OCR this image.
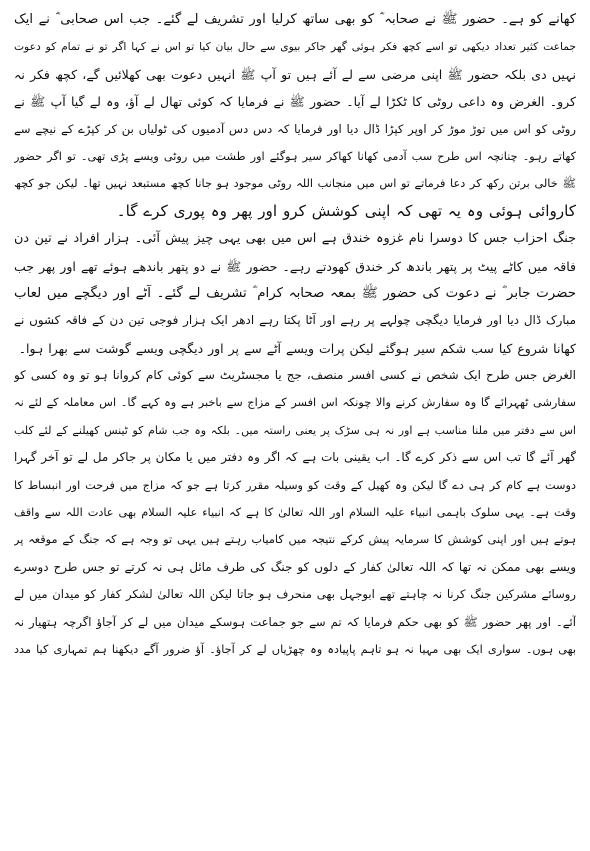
کھانے کو ہے۔ حضور ﷺ نے صحابہ ؓ کو بھی ساتھ کرلیا اور تشریف لے گئے۔ جب اس صحابی ؓ نے ایک
جماعت کثیر تعداد دیکھی تو اسے کچھ فکر ہوئی گھر جاکر بیوی سے حال بیان کیا تو اس نے کہا اگر تو نے تمام کو دعوت
نہیں دی بلکہ حضور ﷺ اپنی مرضی سے لے آئے ہیں تو آپ ﷺ انہیں دعوت بھی کھلائیں گے، کچھ فکر نہ
کرو۔ الغرض وہ داعی روٹی کا ٹکڑا لے آیا۔ حضور ﷺ نے فرمایا کہ کوئی تھال لے آؤ، وہ لے گیا آپ ﷺ نے
روٹی کو اس میں توڑ موڑ کر اوپر کپڑا ڈال دیا اور فرمایا کہ دس دس آدمیوں کی ٹولیاں بن کر کپڑے کے نیچے سے
کھاتے رہو۔ چنانچہ اس طرح سب آدمی کھانا کھاکر سیر ہوگئے اور طشت میں روٹی ویسے پڑی تھی۔ تو اگر حضور
ﷺ خالی برتن رکھ کر دعا فرماتے تو اس میں منجانب اللہ روٹی موجود ہو جانا کچھ مستبعد نہیں تھا۔ لیکن جو کچھ
کاروائی ہوئی وہ یہ تھی کہ اپنی کوشش کرو اور پھر وہ پوری کرے گا۔
جنگ احزاب جس کا دوسرا نام غزوہ خندق ہے اس میں بھی یہی چیز پیش آئی۔ ہزار افراد نے تین دن
فاقہ میں کاٹے پیٹ پر پتھر باندھ کر خندق کھودتے رہے۔ حضور ﷺ نے دو پتھر باندھے ہوئے تھے اور پھر جب
حضرت جابر ؓ نے دعوت کی حضور ﷺ بمعہ صحابہ کرام ؓ تشریف لے گئے۔ آٹے اور دیگچے میں لعاب
مبارک ڈال دیا اور فرمایا دیگچی چولہے پر رہے اور آٹا پکتا رہے ادھر ایک ہزار فوجی تین دن کے فاقہ کشوں نے
کھانا شروع کیا سب شکم سیر ہوگئے لیکن پرات ویسے آٹے سے پر اور دیگچی ویسے گوشت سے بھرا ہوا۔
الغرض جس طرح ایک شخص نے کسی افسر منصف، جج یا مجسٹریٹ سے کوئی کام کروانا ہو تو وہ کسی کو
سفارشی ٹھہرائے گا وہ سفارش کرنے والا چونکہ اس افسر کے مزاج سے باخبر ہے وہ کہے گا۔ اس معاملہ کے لئے نہ
اس سے دفتر میں ملنا مناسب ہے اور نہ ہی سڑک پر یعنی راستہ میں۔ بلکہ وہ جب شام کو ٹینس کھیلنے کے لئے کلب
گھر آئے گا تب اس سے ذکر کرے گا۔ اب یقینی بات ہے کہ اگر وہ دفتر میں یا مکان پر جاکر مل لے تو آخر گہرا
دوست ہے کام کر ہی دے گا لیکن وہ کھیل کے وقت کو وسیلہ مقرر کرتا ہے جو کہ مزاج میں فرحت اور انبساط کا
وقت ہے۔ یہی سلوک باہمی انبیاء علیہ السلام اور اللہ تعالیٰ کا ہے کہ انبیاء علیہ السلام بھی عادت اللہ سے واقف
ہوتے ہیں اور اپنی کوشش کا سرمایہ پیش کرکے نتیجہ میں کامیاب رہتے ہیں یہی تو وجہ ہے کہ جنگ کے موقعہ پر
ویسے بھی ممکن نہ تھا کہ اللہ تعالیٰ کفار کے دلوں کو جنگ کی طرف مائل ہی نہ کرتے تو جس طرح دوسرے
روسائے مشرکین جنگ کرنا نہ چاہتے تھے ابوجہل بھی منحرف ہو جاتا لیکن اللہ تعالیٰ لشکر کفار کو میدان میں لے
آئے۔ اور پھر حضور ﷺ کو بھی حکم فرمایا کہ تم سے جو جماعت ہوسکے میدان میں لے کر آجاؤ اگرچہ ہتھیار نہ
بھی ہوں۔ سواری ایک بھی مہیا نہ ہو تاہم پاپیادہ وہ چھڑیاں لے کر آجاؤ۔ آؤ ضرور آگے دیکھنا ہم تمہاری کیا مدد
